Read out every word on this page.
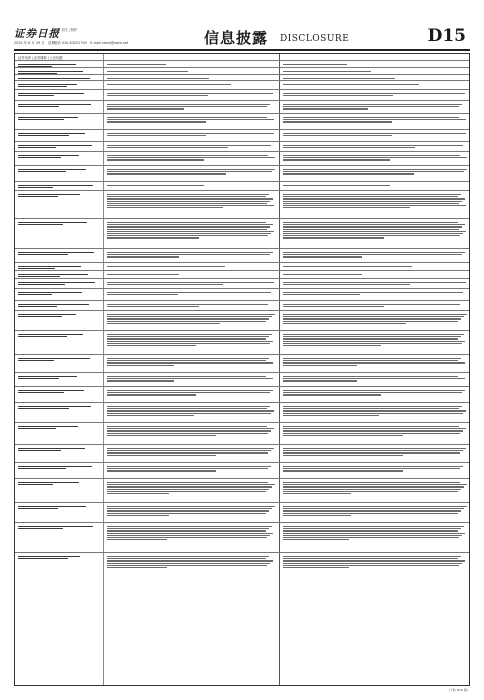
证券日报
编辑 刘文 | 制作
2020 年 6 月 29 日　星期一
电话 010-83251700　E-mail zmzx@zqrb.net	信息披露 DISCLOSURE	D15
证券代码 | 证券简称 | 公告标题
(下转 D16 版)
